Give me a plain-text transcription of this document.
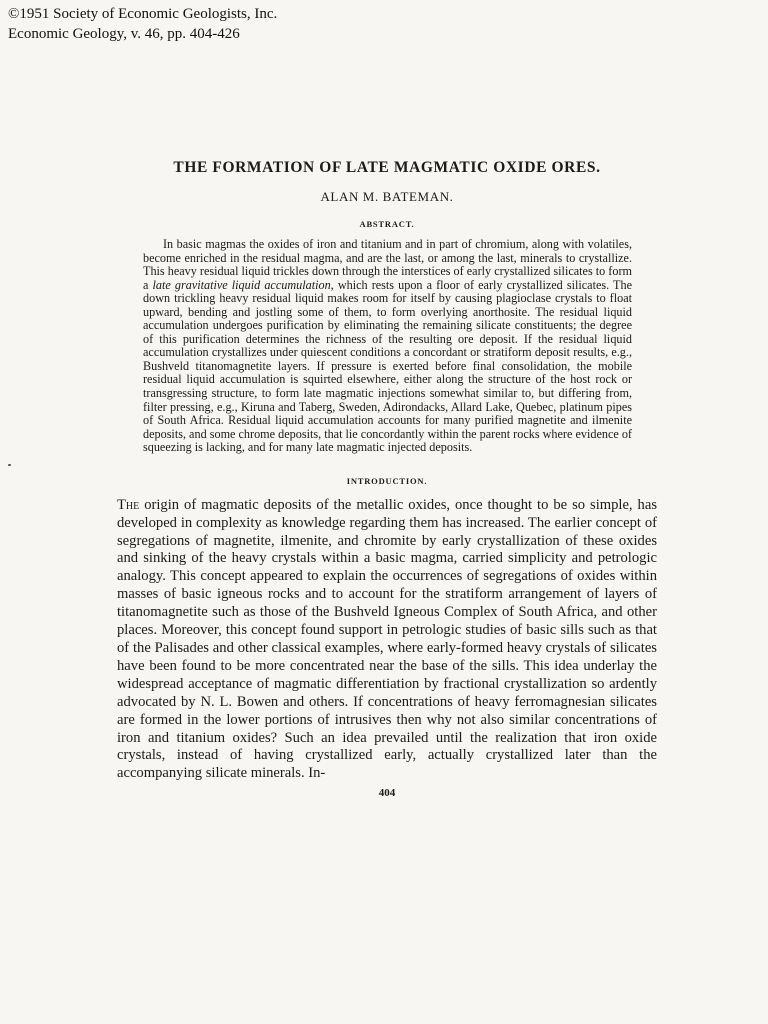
©1951 Society of Economic Geologists, Inc.
Economic Geology, v. 46, pp. 404-426
THE FORMATION OF LATE MAGMATIC OXIDE ORES.
ALAN M. BATEMAN.
ABSTRACT.

In basic magmas the oxides of iron and titanium and in part of chromium, along with volatiles, become enriched in the residual magma, and are the last, or among the last, minerals to crystallize. This heavy residual liquid trickles down through the interstices of early crystallized silicates to form a late gravitative liquid accumulation, which rests upon a floor of early crystallized silicates. The down trickling heavy residual liquid makes room for itself by causing plagioclase crystals to float upward, bending and jostling some of them, to form overlying anorthosite. The residual liquid accumulation undergoes purification by eliminating the remaining silicate constituents; the degree of this purification determines the richness of the resulting ore deposit. If the residual liquid accumulation crystallizes under quiescent conditions a concordant or stratiform deposit results, e.g., Bushveld titanomagnetite layers. If pressure is exerted before final consolidation, the mobile residual liquid accumulation is squirted elsewhere, either along the structure of the host rock or transgressing structure, to form late magmatic injections somewhat similar to, but differing from, filter pressing, e.g., Kiruna and Taberg, Sweden, Adirondacks, Allard Lake, Quebec, platinum pipes of South Africa. Residual liquid accumulation accounts for many purified magnetite and ilmenite deposits, and some chrome deposits, that lie concordantly within the parent rocks where evidence of squeezing is lacking, and for many late magmatic injected deposits.

INTRODUCTION.

The origin of magmatic deposits of the metallic oxides, once thought to be so simple, has developed in complexity as knowledge regarding them has increased. The earlier concept of segregations of magnetite, ilmenite, and chromite by early crystallization of these oxides and sinking of the heavy crystals within a basic magma, carried simplicity and petrologic analogy. This concept appeared to explain the occurrences of segregations of oxides within masses of basic igneous rocks and to account for the stratiform arrangement of layers of titanomagnetite such as those of the Bushveld Igneous Complex of South Africa, and other places. Moreover, this concept found support in petrologic studies of basic sills such as that of the Palisades and other classical examples, where early-formed heavy crystals of silicates have been found to be more concentrated near the base of the sills. This idea underlay the widespread acceptance of magmatic differentiation by fractional crystallization so ardently advocated by N. L. Bowen and others. If concentrations of heavy ferromagnesian silicates are formed in the lower portions of intrusives then why not also similar concentrations of iron and titanium oxides? Such an idea prevailed until the realization that iron oxide crystals, instead of having crystallized early, actually crystallized later than the accompanying silicate minerals. In-

404
